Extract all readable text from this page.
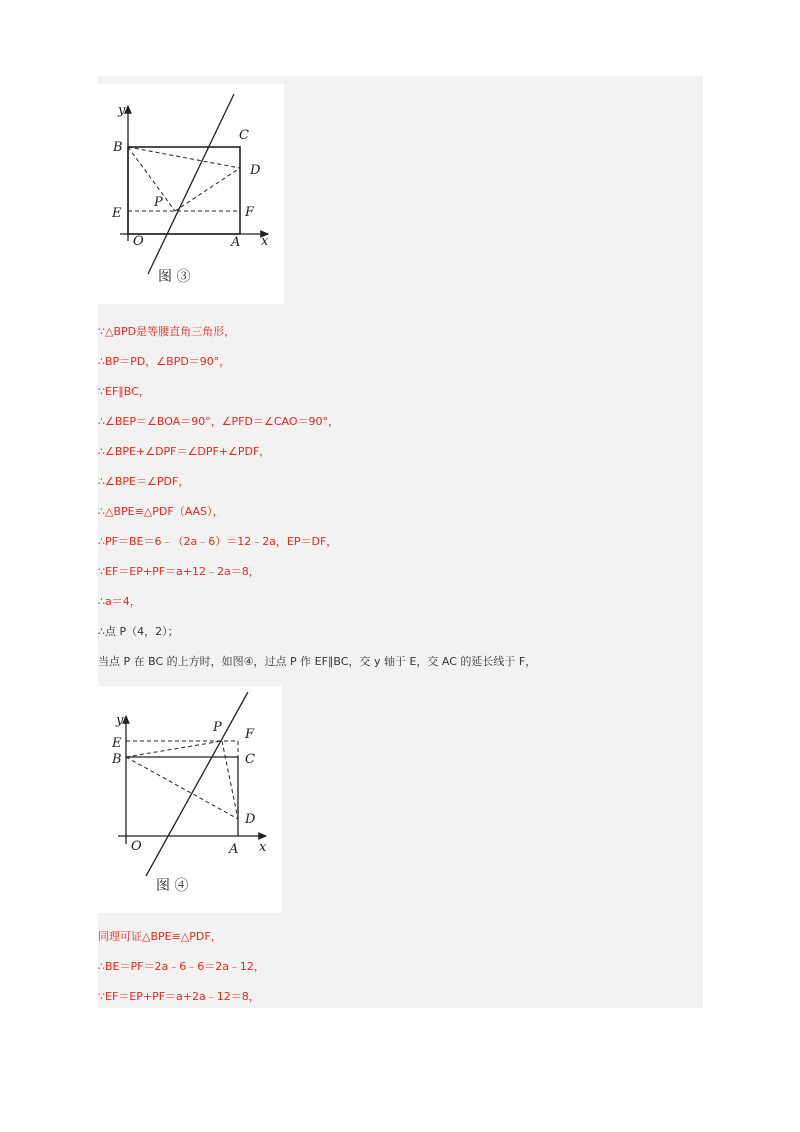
y
B
C
D
E	F
P
O	A x
图 ③

∵△BPD是等腰直角三角形，

∴BP＝PD，∠BPD＝90°，

∵EF∥BC，

∴∠BEP＝∠BOA＝90°，∠PFD＝∠CAO＝90°，

∴∠BPE+∠DPF＝∠DPF+∠PDF，

∴∠BPE＝∠PDF，

∴△BPE≌△PDF（AAS），

∴PF＝BE＝6﹣（2a﹣6）＝12﹣2a，EP＝DF，

∵EF＝EP+PF＝a+12﹣2a＝8，

∴a＝4，

∴点 P（4，2）；

当点 P 在 BC 的上方时，如图④，过点 P 作 EF∥BC，交 y 轴于 E，交 AC 的延长线于 F，

y
E
B
P F
C
D
O	A x
图 ④

同理可证△BPE≌△PDF，

∴BE＝PF＝2a﹣6﹣6＝2a﹣12，

∵EF＝EP+PF＝a+2a﹣12＝8，
